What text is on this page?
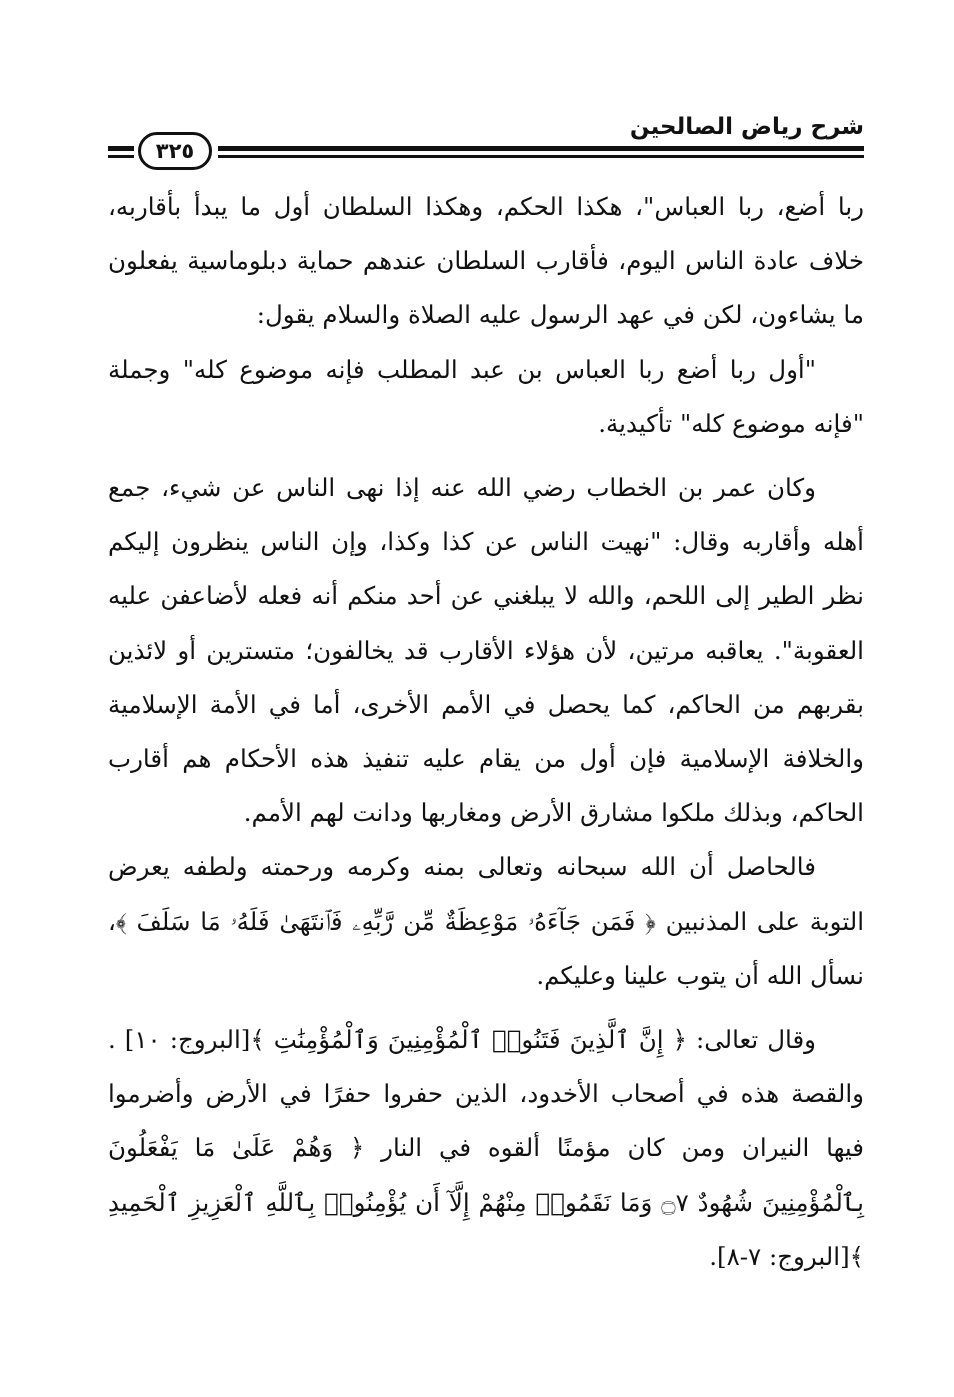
شرح رياض الصالحين
٣٢٥

ربا أضع، ربا العباس"، هكذا الحكم، وهكذا السلطان أول ما يبدأ بأقاربه، خلاف عادة الناس اليوم، فأقارب السلطان عندهم حماية دبلوماسية يفعلون ما يشاءون، لكن في عهد الرسول عليه الصلاة والسلام يقول:

"أول ربا أضع ربا العباس بن عبد المطلب فإنه موضوع كله" وجملة "فإنه موضوع كله" تأكيدية.

وكان عمر بن الخطاب رضي الله عنه إذا نهى الناس عن شيء، جمع أهله وأقاربه وقال: "نهيت الناس عن كذا وكذا، وإن الناس ينظرون إليكم نظر الطير إلى اللحم، والله لا يبلغني عن أحد منكم أنه فعله لأضاعفن عليه العقوبة". يعاقبه مرتين، لأن هؤلاء الأقارب قد يخالفون؛ متسترين أو لائذين بقربهم من الحاكم، كما يحصل في الأمم الأخرى، أما في الأمة الإسلامية والخلافة الإسلامية فإن أول من يقام عليه تنفيذ هذه الأحكام هم أقارب الحاكم، وبذلك ملكوا مشارق الأرض ومغاربها ودانت لهم الأمم.

فالحاصل أن الله سبحانه وتعالى بمنه وكرمه ورحمته ولطفه يعرض التوبة على المذنبين ﴿ فَمَن جَآءَهُۥ مَوْعِظَةٌ مِّن رَّبِّهِۦ فَٱنتَهَىٰ فَلَهُۥ مَا سَلَفَ ﴾، نسأل الله أن يتوب علينا وعليكم.

وقال تعالى: ﴿ إِنَّ ٱلَّذِينَ فَتَنُوا۟ ٱلْمُؤْمِنِينَ وَٱلْمُؤْمِنَٰتِ ﴾[البروج: ١٠] . والقصة هذه في أصحاب الأخدود، الذين حفروا حفرًا في الأرض وأضرموا فيها النيران ومن كان مؤمنًا ألقوه في النار ﴿ وَهُمْ عَلَىٰ مَا يَفْعَلُونَ بِٱلْمُؤْمِنِينَ شُهُودٌ ۝٧ وَمَا نَقَمُوا۟ مِنْهُمْ إِلَّآ أَن يُؤْمِنُوا۟ بِٱللَّهِ ٱلْعَزِيزِ ٱلْحَمِيدِ ﴾[البروج: ٧-٨].
